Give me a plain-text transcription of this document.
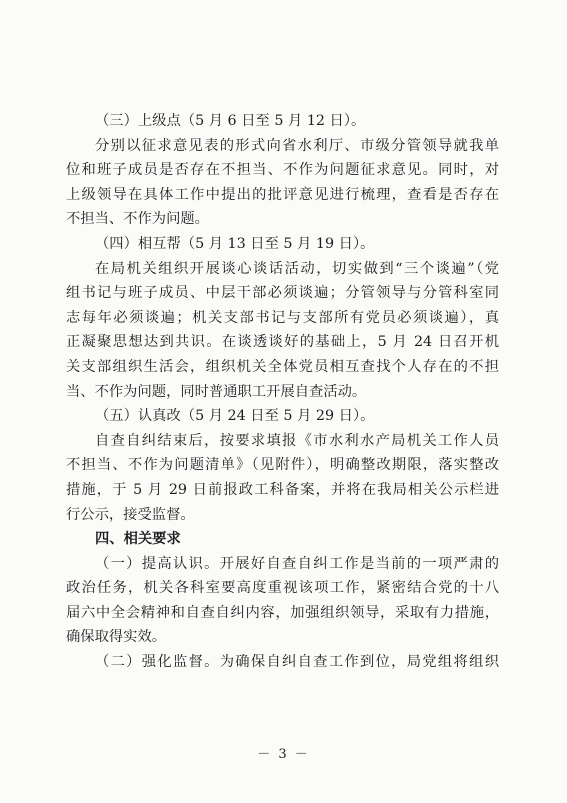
（三）上级点（5 月 6 日至 5 月 12 日）。
分别以征求意见表的形式向省水利厅、市级分管领导就我单
位和班子成员是否存在不担当、不作为问题征求意见。同时，对
上级领导在具体工作中提出的批评意见进行梳理，查看是否存在
不担当、不作为问题。
（四）相互帮（5 月 13 日至 5 月 19 日）。
在局机关组织开展谈心谈话活动，切实做到“三个谈遍”（党
组书记与班子成员、中层干部必须谈遍；分管领导与分管科室同
志每年必须谈遍；机关支部书记与支部所有党员必须谈遍），真
正凝聚思想达到共识。在谈透谈好的基础上，5 月 24 日召开机
关支部组织生活会，组织机关全体党员相互查找个人存在的不担
当、不作为问题，同时普通职工开展自查活动。
（五）认真改（5 月 24 日至 5 月 29 日）。
自查自纠结束后，按要求填报《市水利水产局机关工作人员
不担当、不作为问题清单》（见附件），明确整改期限，落实整改
措施，于 5 月 29 日前报政工科备案，并将在我局相关公示栏进
行公示，接受监督。
四、相关要求
（一）提高认识。开展好自查自纠工作是当前的一项严肃的
政治任务，机关各科室要高度重视该项工作，紧密结合党的十八
届六中全会精神和自查自纠内容，加强组织领导，采取有力措施，
确保取得实效。
（二）强化监督。为确保自纠自查工作到位，局党组将组织
－ 3 －
